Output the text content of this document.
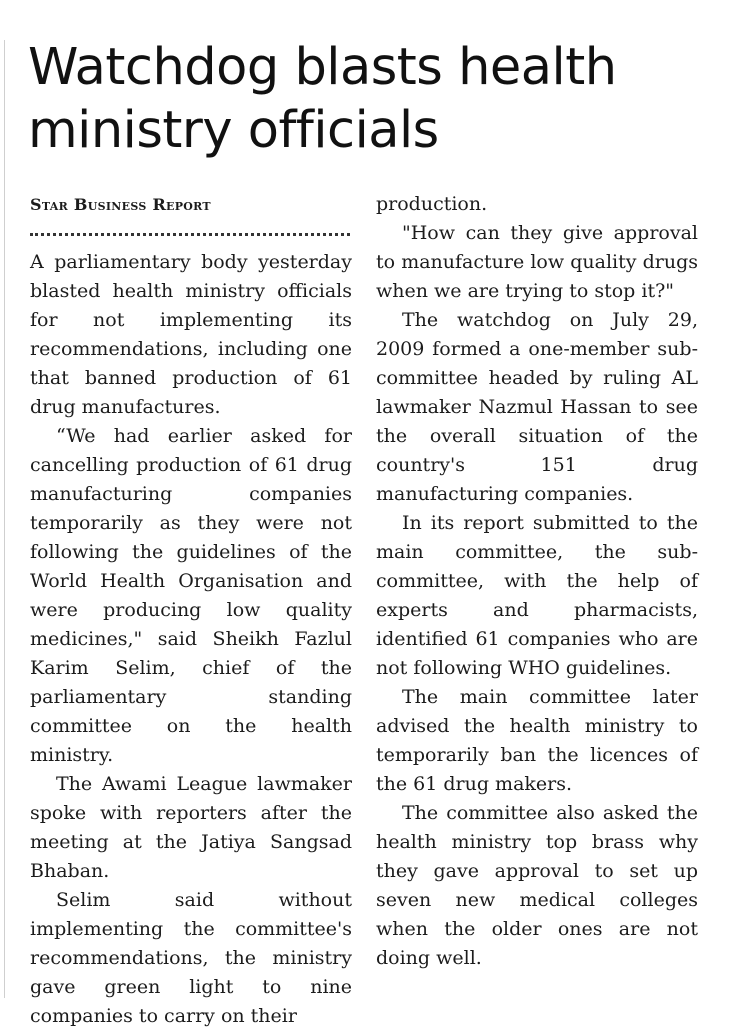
Watchdog blasts health ministry officials
Star Business Report

A parliamentary body yesterday blasted health ministry officials for not implementing its recommendations, including one that banned production of 61 drug manufactures.

“We had earlier asked for cancelling production of 61 drug manufacturing companies temporarily as they were not following the guidelines of the World Health Organisation and were producing low quality medicines," said Sheikh Fazlul Karim Selim, chief of the parliamentary standing committee on the health ministry.

The Awami League lawmaker spoke with reporters after the meeting at the Jatiya Sangsad Bhaban.

Selim said without implementing the committee's recommendations, the ministry gave green light to nine companies to carry on their

production.

"How can they give approval to manufacture low quality drugs when we are trying to stop it?"

The watchdog on July 29, 2009 formed a one-member sub-committee headed by ruling AL lawmaker Nazmul Hassan to see the overall situation of the country's 151 drug manufacturing companies.

In its report submitted to the main committee, the sub-committee, with the help of experts and pharmacists, identified 61 companies who are not following WHO guidelines.

The main committee later advised the health ministry to temporarily ban the licences of the 61 drug makers.

The committee also asked the health ministry top brass why they gave approval to set up seven new medical colleges when the older ones are not doing well.
